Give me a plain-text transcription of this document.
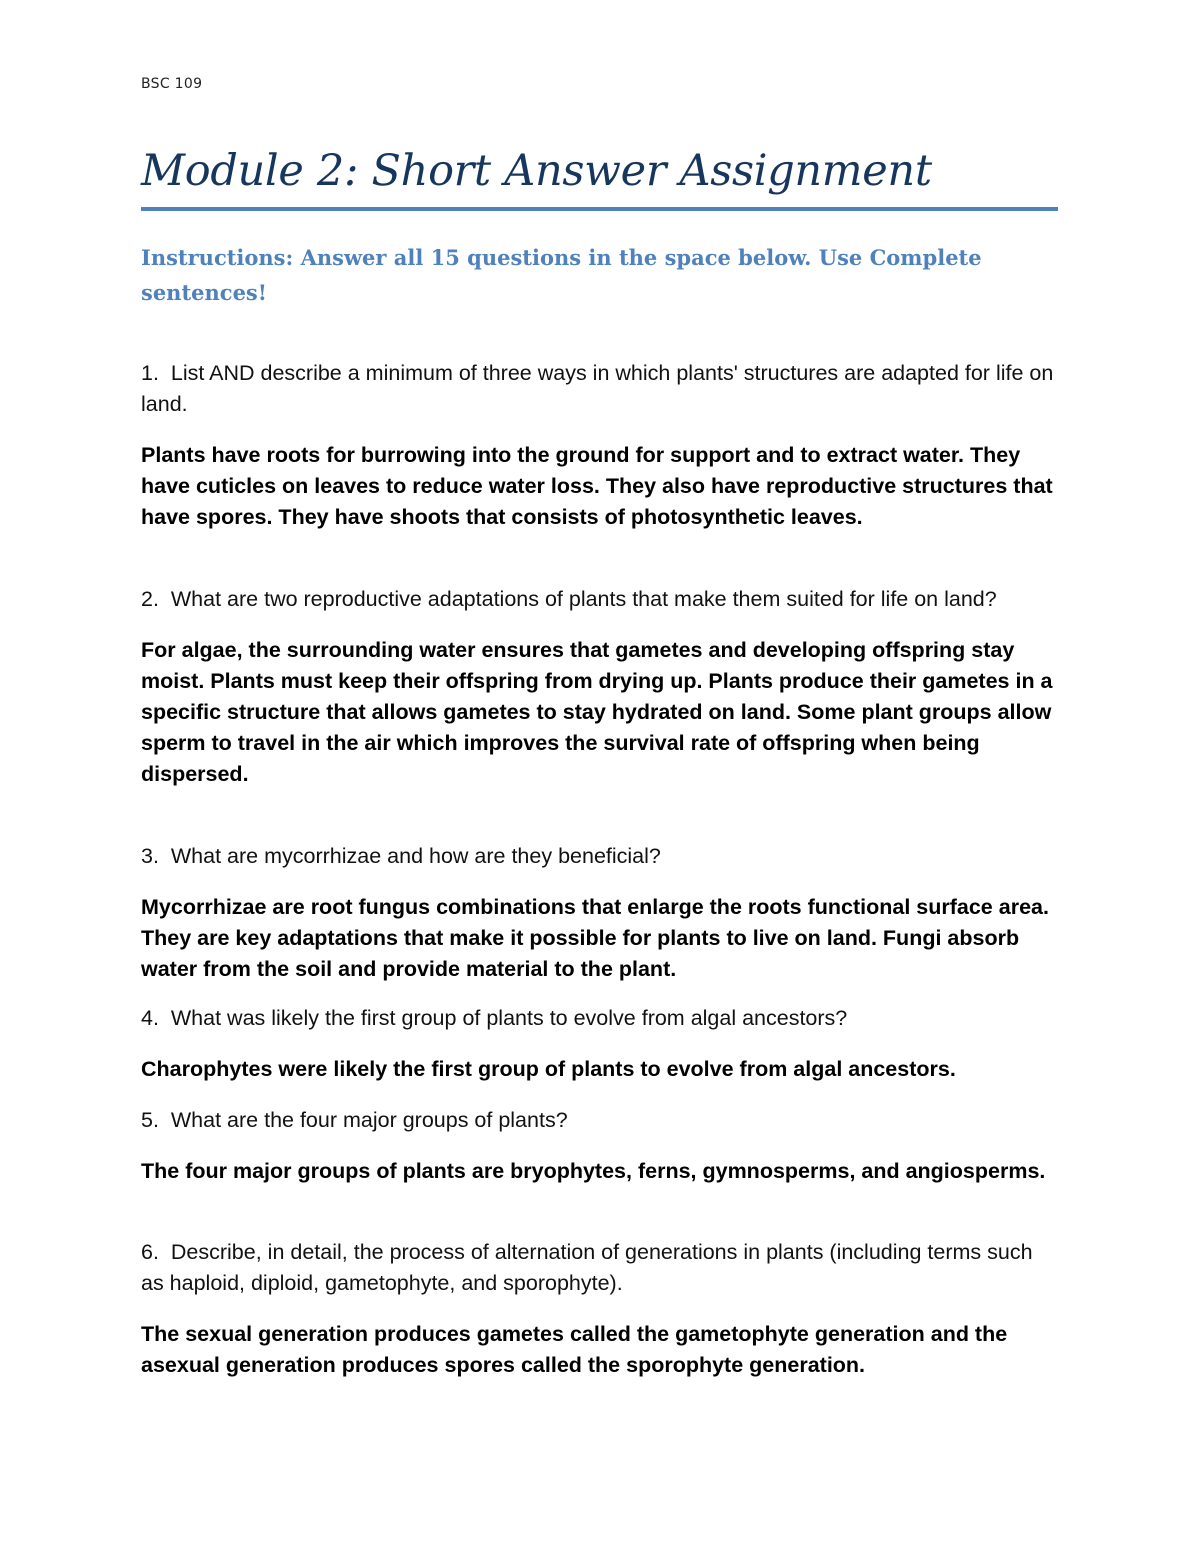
BSC 109
Module 2: Short Answer Assignment
Instructions: Answer all 15 questions in the space below. Use Complete sentences!
1. List AND describe a minimum of three ways in which plants' structures are adapted for life on land.
Plants have roots for burrowing into the ground for support and to extract water. They have cuticles on leaves to reduce water loss. They also have reproductive structures that have spores. They have shoots that consists of photosynthetic leaves.
2. What are two reproductive adaptations of plants that make them suited for life on land?
For algae, the surrounding water ensures that gametes and developing offspring stay moist. Plants must keep their offspring from drying up. Plants produce their gametes in a specific structure that allows gametes to stay hydrated on land. Some plant groups allow sperm to travel in the air which improves the survival rate of offspring when being dispersed.
3. What are mycorrhizae and how are they beneficial?
Mycorrhizae are root fungus combinations that enlarge the roots functional surface area. They are key adaptations that make it possible for plants to live on land. Fungi absorb water from the soil and provide material to the plant.
4. What was likely the first group of plants to evolve from algal ancestors?
Charophytes were likely the first group of plants to evolve from algal ancestors.
5. What are the four major groups of plants?
The four major groups of plants are bryophytes, ferns, gymnosperms, and angiosperms.
6. Describe, in detail, the process of alternation of generations in plants (including terms such as haploid, diploid, gametophyte, and sporophyte).
The sexual generation produces gametes called the gametophyte generation and the asexual generation produces spores called the sporophyte generation.
